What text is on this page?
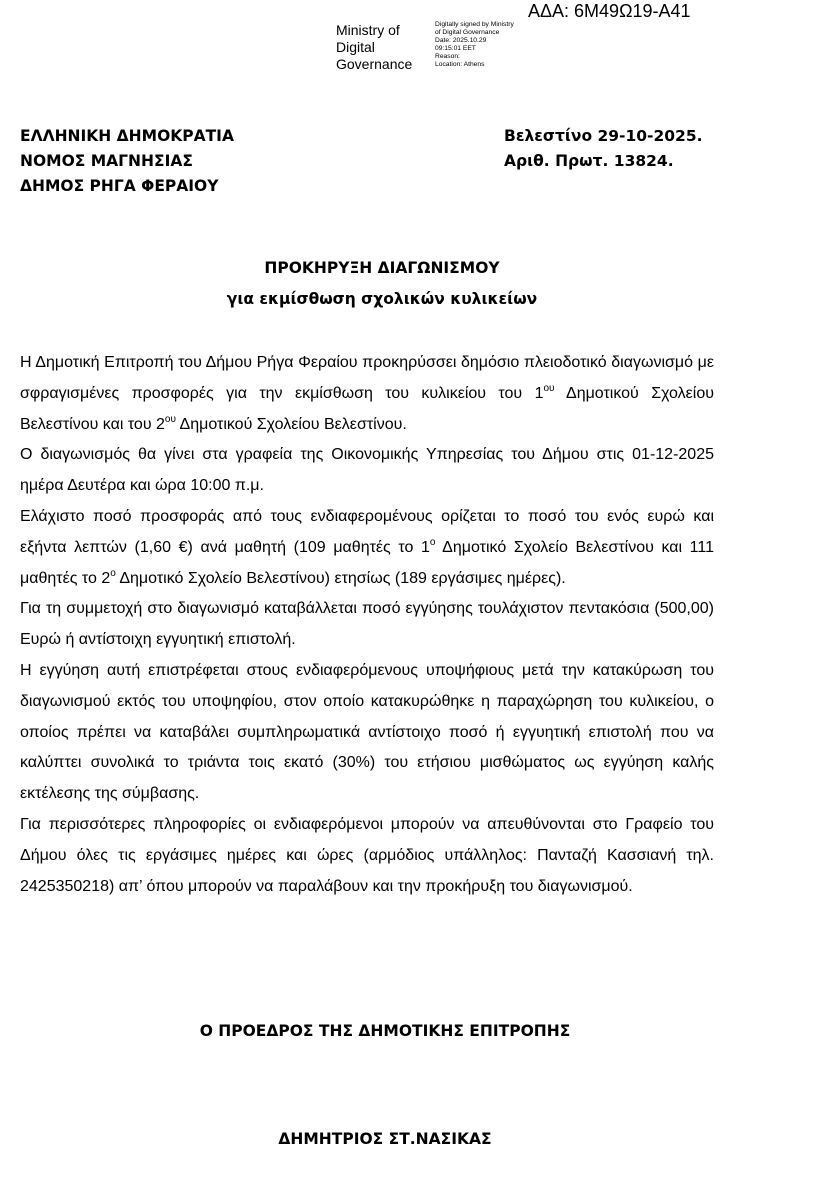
ΑΔΑ: 6Μ49Ω19-Α41
Ministry of
Digital
Governance
Digitally signed by Ministry
of Digital Governance
Date: 2025.10.29
09:15:01 EET
Reason:
Location: Athens
ΕΛΛΗΝΙΚΗ ΔΗΜΟΚΡΑΤΙΑ
ΝΟΜΟΣ ΜΑΓΝΗΣΙΑΣ
ΔΗΜΟΣ ΡΗΓΑ ΦΕΡΑΙΟΥ
Βελεστίνο 29-10-2025.
Αριθ. Πρωτ. 13824.
ΠΡΟΚΗΡΥΞΗ ΔΙΑΓΩΝΙΣΜΟΥ
για εκμίσθωση σχολικών κυλικείων

Η Δημοτική Επιτροπή του Δήμου Ρήγα Φεραίου προκηρύσσει δημόσιο πλειοδοτικό διαγωνισμό με σφραγισμένες προσφορές για την εκμίσθωση του κυλικείου του $1^{o\upsilon}$ Δημοτικού Σχολείου Βελεστίνου και του $2^{o\upsilon}$ Δημοτικού Σχολείου Βελεστίνου.

Ο διαγωνισμός θα γίνει στα γραφεία της Οικονομικής Υπηρεσίας του Δήμου στις 01-12-2025 ημέρα Δευτέρα και ώρα 10:00 π.μ.

Ελάχιστο ποσό προσφοράς από τους ενδιαφερομένους ορίζεται το ποσό του ενός ευρώ και εξήντα λεπτών (1,60 €) ανά μαθητή (109 μαθητές το $1^o$ Δημοτικό Σχολείο Βελεστίνου και 111 μαθητές το $2^o$ Δημοτικό Σχολείο Βελεστίνου) ετησίως (189 εργάσιμες ημέρες).

Για τη συμμετοχή στο διαγωνισμό καταβάλλεται ποσό εγγύησης τουλάχιστον πεντακόσια (500,00) Ευρώ ή αντίστοιχη εγγυητική επιστολή.

Η εγγύηση αυτή επιστρέφεται στους ενδιαφερόμενους υποψήφιους μετά την κατακύρωση του διαγωνισμού εκτός του υποψηφίου, στον οποίο κατακυρώθηκε η παραχώρηση του κυλικείου, ο οποίος πρέπει να καταβάλει συμπληρωματικά αντίστοιχο ποσό ή εγγυητική επιστολή που να καλύπτει συνολικά το τριάντα τοις εκατό (30%) του ετήσιου μισθώματος ως εγγύηση καλής εκτέλεσης της σύμβασης.

Για περισσότερες πληροφορίες οι ενδιαφερόμενοι μπορούν να απευθύνονται στο Γραφείο του Δήμου όλες τις εργάσιμες ημέρες και ώρες (αρμόδιος υπάλληλος: Πανταζή Κασσιανή τηλ. 2425350218) απ’ όπου μπορούν να παραλάβουν και την προκήρυξη του διαγωνισμού.

Ο ΠΡΟΕΔΡΟΣ ΤΗΣ ΔΗΜΟΤΙΚΗΣ ΕΠΙΤΡΟΠΗΣ
ΔΗΜΗΤΡΙΟΣ ΣΤ.ΝΑΣΙΚΑΣ
